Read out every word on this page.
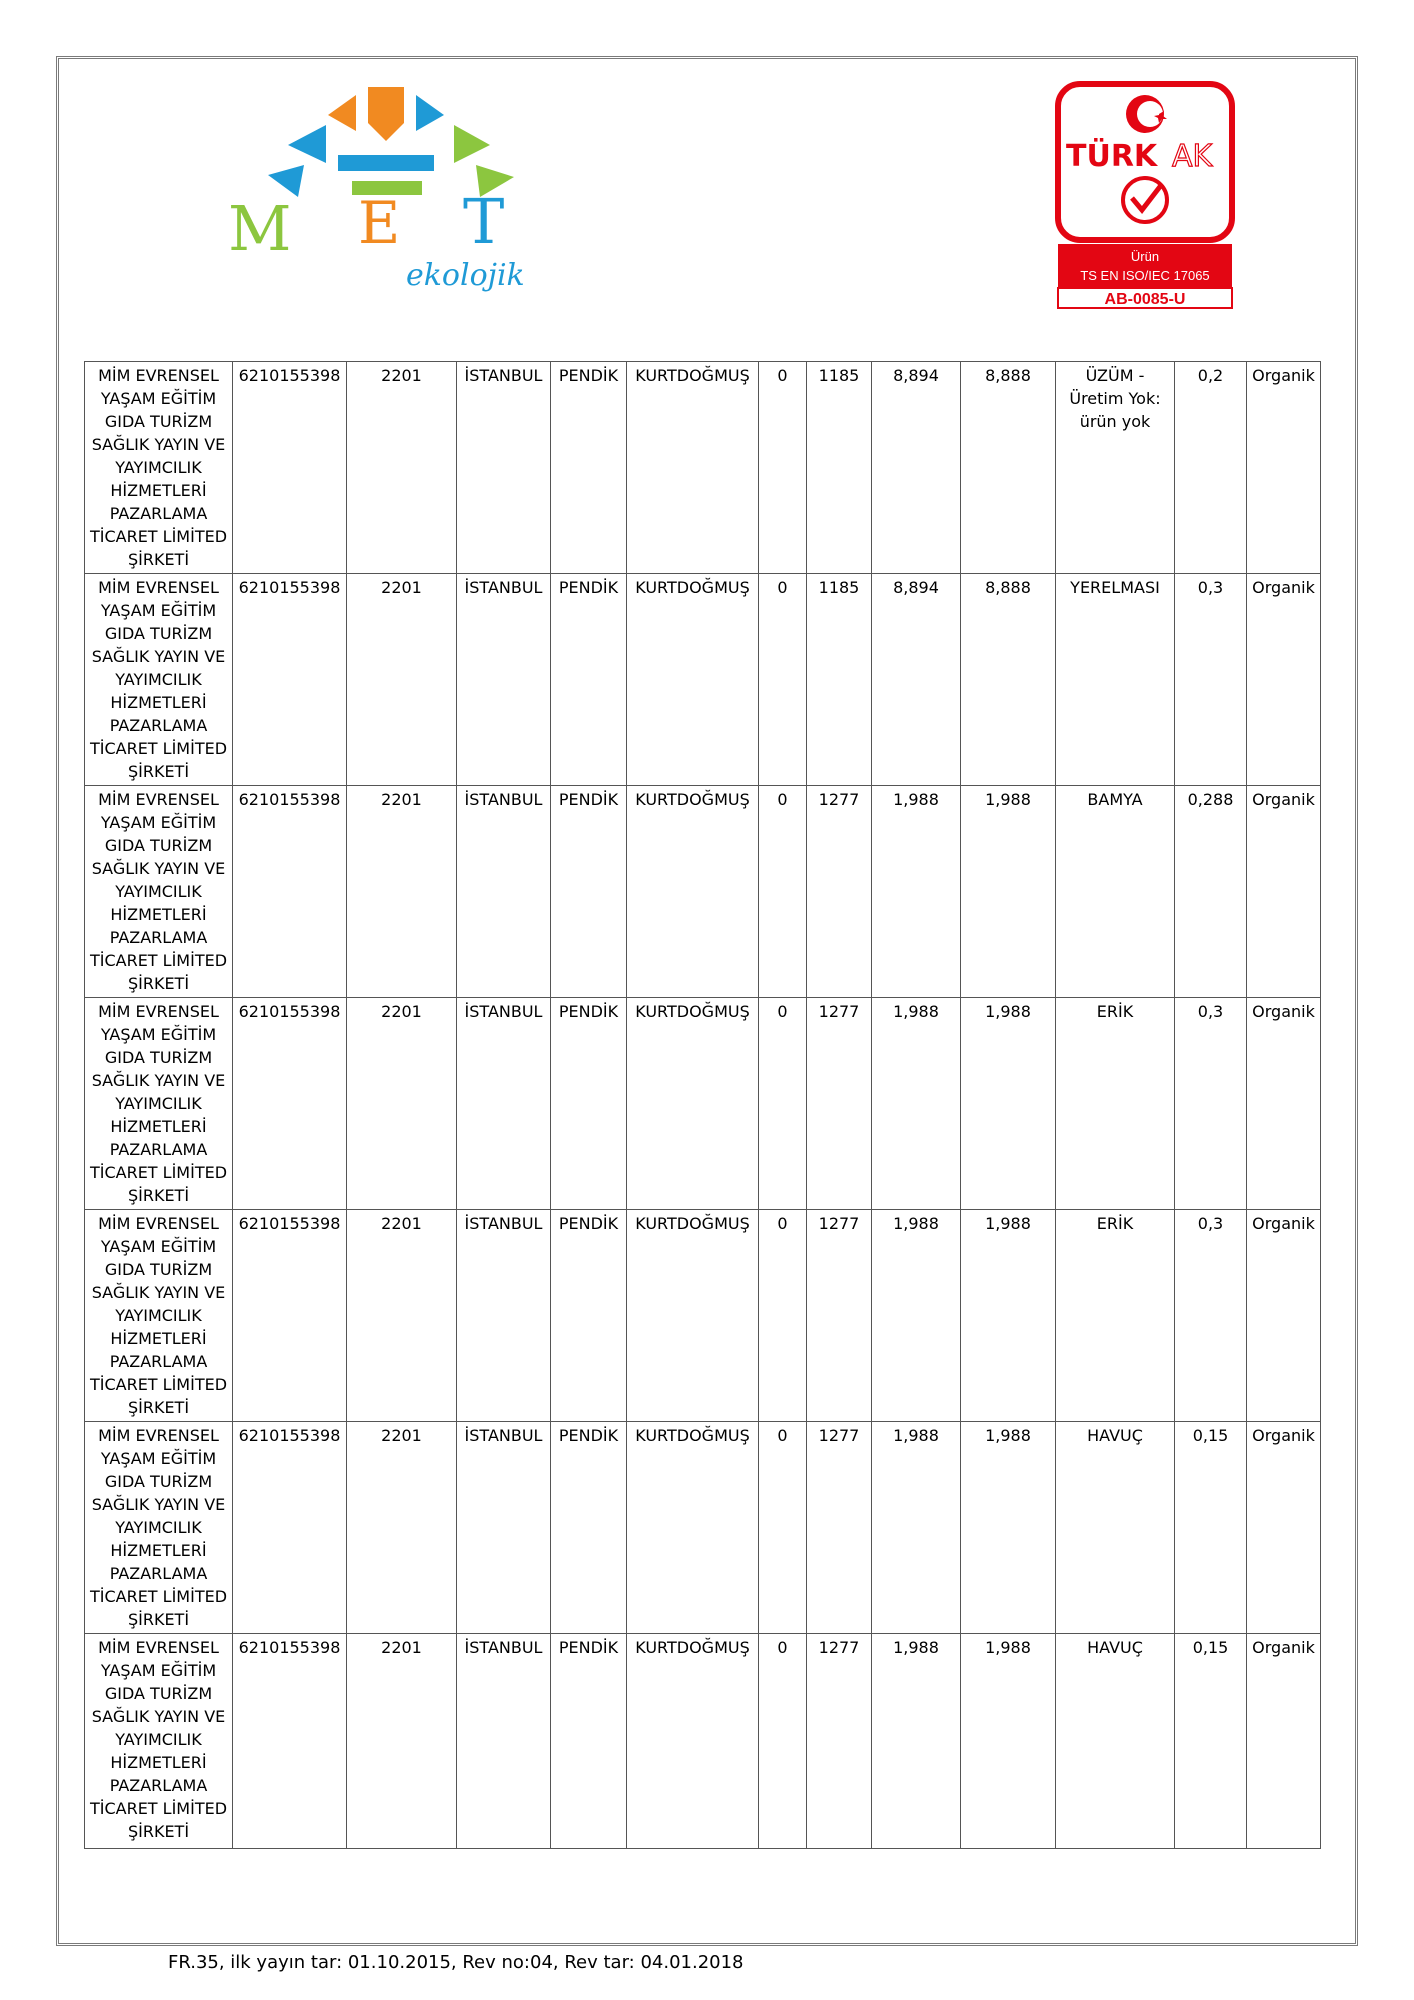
M E T
ekolojik
TÜRK AK
Ürün
TS EN ISO/IEC 17065
AB-0085-U
MİM EVRENSEL YAŞAM EĞİTİM GIDA TURİZM SAĞLIK YAYIN VE YAYIMCILIK HİZMETLERİ PAZARLAMA TİCARET LİMİTED ŞİRKETİ	6210155398	2201	İSTANBUL	PENDİK	KURTDOĞMUŞ	0	1185	8,894	8,888	ÜZÜM - Üretim Yok: ürün yok	0,2	Organik
MİM EVRENSEL YAŞAM EĞİTİM GIDA TURİZM SAĞLIK YAYIN VE YAYIMCILIK HİZMETLERİ PAZARLAMA TİCARET LİMİTED ŞİRKETİ	6210155398	2201	İSTANBUL	PENDİK	KURTDOĞMUŞ	0	1185	8,894	8,888	YERELMASI	0,3	Organik
MİM EVRENSEL YAŞAM EĞİTİM GIDA TURİZM SAĞLIK YAYIN VE YAYIMCILIK HİZMETLERİ PAZARLAMA TİCARET LİMİTED ŞİRKETİ	6210155398	2201	İSTANBUL	PENDİK	KURTDOĞMUŞ	0	1277	1,988	1,988	BAMYA	0,288	Organik
MİM EVRENSEL YAŞAM EĞİTİM GIDA TURİZM SAĞLIK YAYIN VE YAYIMCILIK HİZMETLERİ PAZARLAMA TİCARET LİMİTED ŞİRKETİ	6210155398	2201	İSTANBUL	PENDİK	KURTDOĞMUŞ	0	1277	1,988	1,988	ERİK	0,3	Organik
MİM EVRENSEL YAŞAM EĞİTİM GIDA TURİZM SAĞLIK YAYIN VE YAYIMCILIK HİZMETLERİ PAZARLAMA TİCARET LİMİTED ŞİRKETİ	6210155398	2201	İSTANBUL	PENDİK	KURTDOĞMUŞ	0	1277	1,988	1,988	ERİK	0,3	Organik
MİM EVRENSEL YAŞAM EĞİTİM GIDA TURİZM SAĞLIK YAYIN VE YAYIMCILIK HİZMETLERİ PAZARLAMA TİCARET LİMİTED ŞİRKETİ	6210155398	2201	İSTANBUL	PENDİK	KURTDOĞMUŞ	0	1277	1,988	1,988	HAVUÇ	0,15	Organik
MİM EVRENSEL YAŞAM EĞİTİM GIDA TURİZM SAĞLIK YAYIN VE YAYIMCILIK HİZMETLERİ PAZARLAMA TİCARET LİMİTED ŞİRKETİ	6210155398	2201	İSTANBUL	PENDİK	KURTDOĞMUŞ	0	1277	1,988	1,988	HAVUÇ	0,15	Organik
FR.35, ilk yayın tar: 01.10.2015, Rev no:04, Rev tar: 04.01.2018
